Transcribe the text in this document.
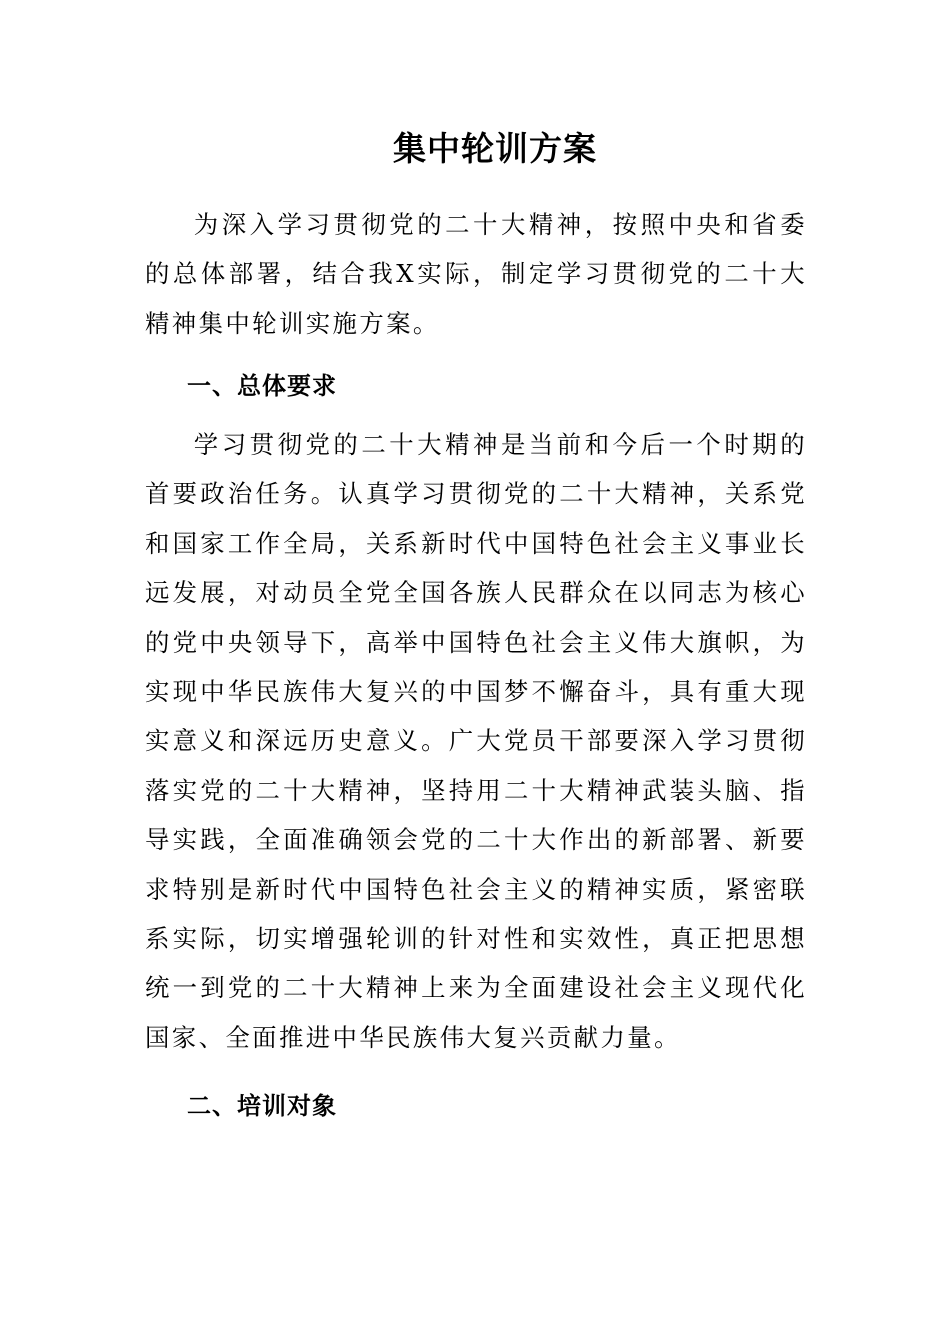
集中轮训方案

为深入学习贯彻党的二十大精神，按照中央和省委的总体部署，结合我X实际，制定学习贯彻党的二十大精神集中轮训实施方案。

一、总体要求

学习贯彻党的二十大精神是当前和今后一个时期的首要政治任务。认真学习贯彻党的二十大精神，关系党和国家工作全局，关系新时代中国特色社会主义事业长远发展，对动员全党全国各族人民群众在以同志为核心的党中央领导下，高举中国特色社会主义伟大旗帜，为实现中华民族伟大复兴的中国梦不懈奋斗，具有重大现实意义和深远历史意义。广大党员干部要深入学习贯彻落实党的二十大精神，坚持用二十大精神武装头脑、指导实践，全面准确领会党的二十大作出的新部署、新要求特别是新时代中国特色社会主义的精神实质，紧密联系实际，切实增强轮训的针对性和实效性，真正把思想统一到党的二十大精神上来为全面建设社会主义现代化国家、全面推进中华民族伟大复兴贡献力量。

二、培训对象
